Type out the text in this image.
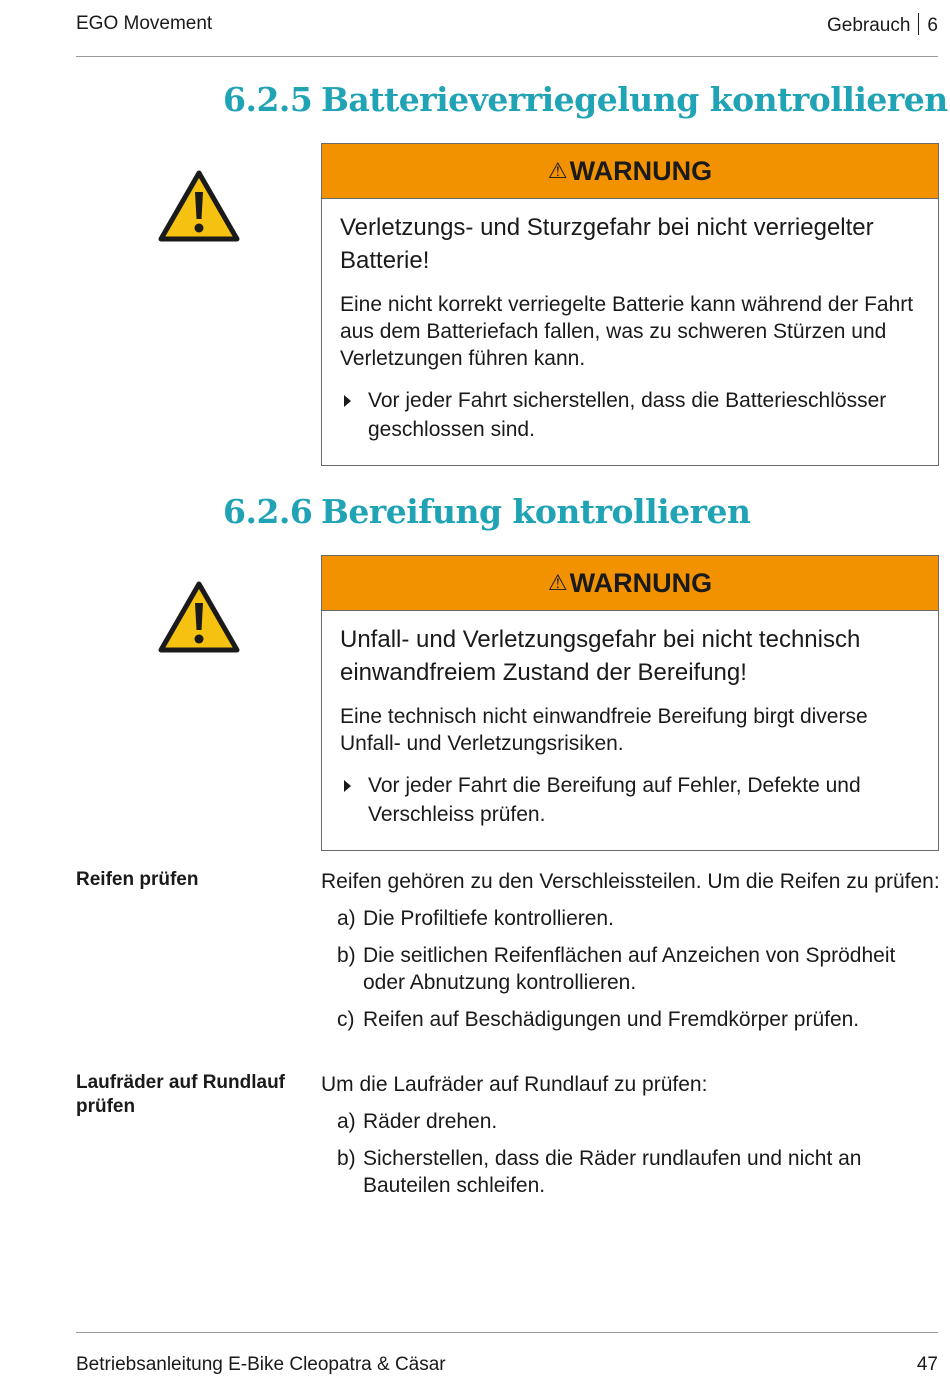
EGO Movement	Gebrauch 6
6.2.5 Batterieverriegelung kontrollieren
⚠WARNUNG
Verletzungs- und Sturzgefahr bei nicht verriegelter Batterie!
Eine nicht korrekt verriegelte Batterie kann während der Fahrt aus dem Batteriefach fallen, was zu schweren Stürzen und Verletzungen führen kann.
Vor jeder Fahrt sicherstellen, dass die Batterieschlösser geschlossen sind.
6.2.6 Bereifung kontrollieren
⚠WARNUNG
Unfall- und Verletzungsgefahr bei nicht technisch einwandfreiem Zustand der Bereifung!
Eine technisch nicht einwandfreie Bereifung birgt diverse Unfall- und Verletzungsrisiken.
Vor jeder Fahrt die Bereifung auf Fehler, Defekte und Verschleiss prüfen.
Reifen prüfen	Reifen gehören zu den Verschleissteilen. Um die Reifen zu prüfen:
a) Die Profiltiefe kontrollieren.
b) Die seitlichen Reifenflächen auf Anzeichen von Sprödheit oder Abnutzung kontrollieren.
c) Reifen auf Beschädigungen und Fremdkörper prüfen.
Laufräder auf Rundlauf prüfen
Um die Laufräder auf Rundlauf zu prüfen:
a) Räder drehen.
b) Sicherstellen, dass die Räder rundlaufen und nicht an Bauteilen schleifen.
Betriebsanleitung E-Bike Cleopatra & Cäsar	47
